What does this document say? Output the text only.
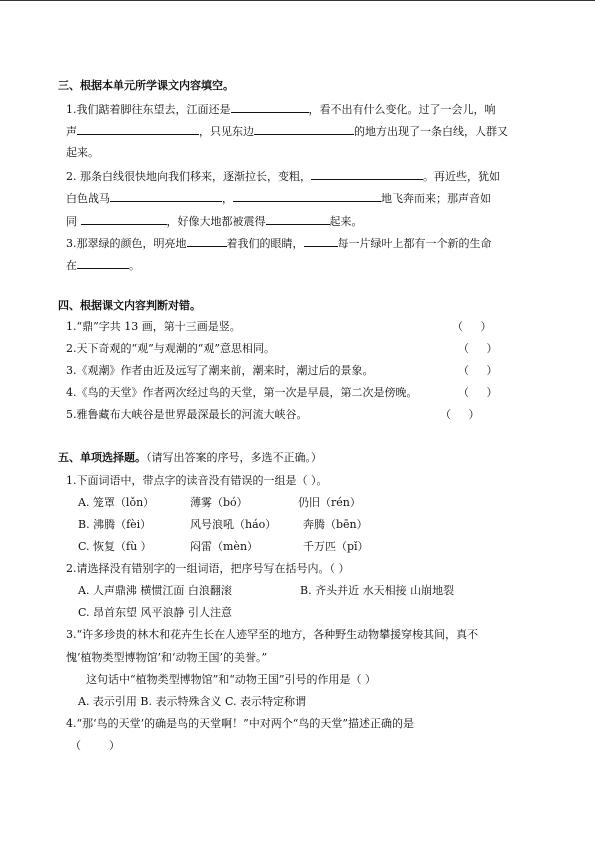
三、根据本单元所学课文内容填空。
1.我们踮着脚往东望去，江面还是	，看不出有什么变化。过了一会儿，响
声	，只见东边	的地方出现了一条白线，人群又
起来。
2. 那条白线很快地向我们移来，逐渐拉长，变粗，	。再近些，犹如
白色战马	，	地飞奔而来；那声音如
同	，好像大地都被震得	起来。
3.那翠绿的颜色，明亮地	着我们的眼睛，	每一片绿叶上都有一个新的生命
在	。
四、根据课文内容判断对错。
1.“鼎”字共 13 画，第十三画是竖。	（     ）
2.天下奇观的“观”与观潮的“观”意思相同。	（     ）
3.《观潮》作者由近及远写了潮来前，潮来时，潮过后的景象。	（     ）
4.《鸟的天堂》作者两次经过鸟的天堂，第一次是早晨，第二次是傍晚。	（     ）
5.雅鲁藏布大峡谷是世界最深最长的河流大峡谷。	（     ）
五、单项选择题。（请写出答案的序号，多选不正确。）
1.下面词语中，带点字的读音没有错误的一组是（ ）。
A. 笼罩（lǒn）	薄雾（bó）	仍旧（rén）
B. 沸腾（fèi）	风号浪吼（háo） 奔腾（bēn）
C. 恢复（fù ）	闷雷（mèn）	千万匹（pǐ）
2.请选择没有错别字的一组词语，把序号写在括号内。（ ）
A. 人声鼎沸 横惯江面 白浪翻滚	B. 齐头并近 水天相接 山崩地裂
C. 昂首东望 风平浪静 引人注意
3.“许多珍贵的林木和花卉生长在人迹罕至的地方，各种野生动物攀援穿梭其间，真不
愧‘植物类型博物馆’和‘动物王国’的美誉。”
这句话中“植物类型博物馆”和“动物王国”引号的作用是（ ）
A. 表示引用 B. 表示特殊含义 C. 表示特定称谓
4.“那‘鸟的天堂’的确是鸟的天堂啊！”中对两个“鸟的天堂”描述正确的是
（        ）
